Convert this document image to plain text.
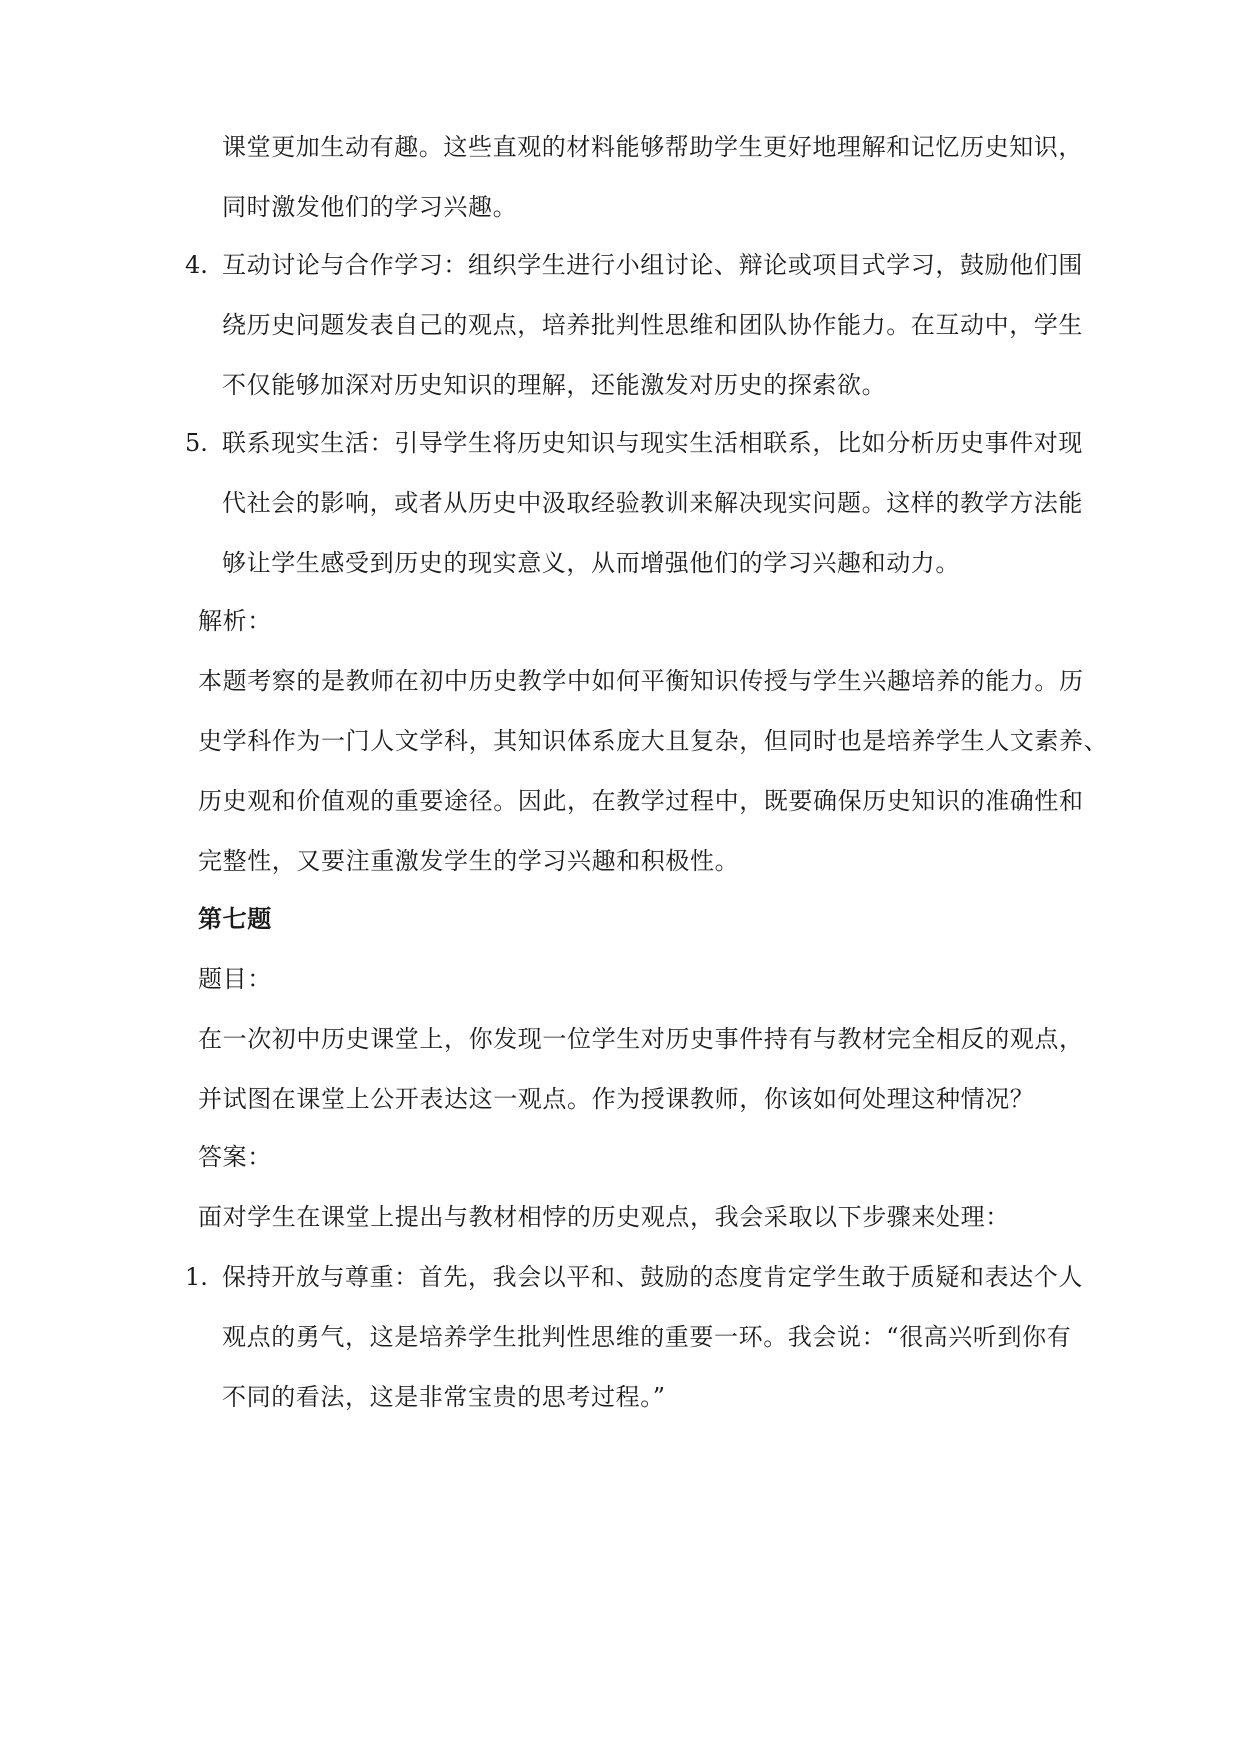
课堂更加生动有趣。这些直观的材料能够帮助学生更好地理解和记忆历史知识，

同时激发他们的学习兴趣。

4. 互动讨论与合作学习：组织学生进行小组讨论、辩论或项目式学习，鼓励他们围

绕历史问题发表自己的观点，培养批判性思维和团队协作能力。在互动中，学生

不仅能够加深对历史知识的理解，还能激发对历史的探索欲。

5. 联系现实生活：引导学生将历史知识与现实生活相联系，比如分析历史事件对现

代社会的影响，或者从历史中汲取经验教训来解决现实问题。这样的教学方法能

够让学生感受到历史的现实意义，从而增强他们的学习兴趣和动力。

解析：

本题考察的是教师在初中历史教学中如何平衡知识传授与学生兴趣培养的能力。历

史学科作为一门人文学科，其知识体系庞大且复杂，但同时也是培养学生人文素养、

历史观和价值观的重要途径。因此，在教学过程中，既要确保历史知识的准确性和

完整性，又要注重激发学生的学习兴趣和积极性。

第七题

题目：

在一次初中历史课堂上，你发现一位学生对历史事件持有与教材完全相反的观点，

并试图在课堂上公开表达这一观点。作为授课教师，你该如何处理这种情况？

答案：

面对学生在课堂上提出与教材相悖的历史观点，我会采取以下步骤来处理：

1. 保持开放与尊重：首先，我会以平和、鼓励的态度肯定学生敢于质疑和表达个人

观点的勇气，这是培养学生批判性思维的重要一环。我会说：“很高兴听到你有

不同的看法，这是非常宝贵的思考过程。”
